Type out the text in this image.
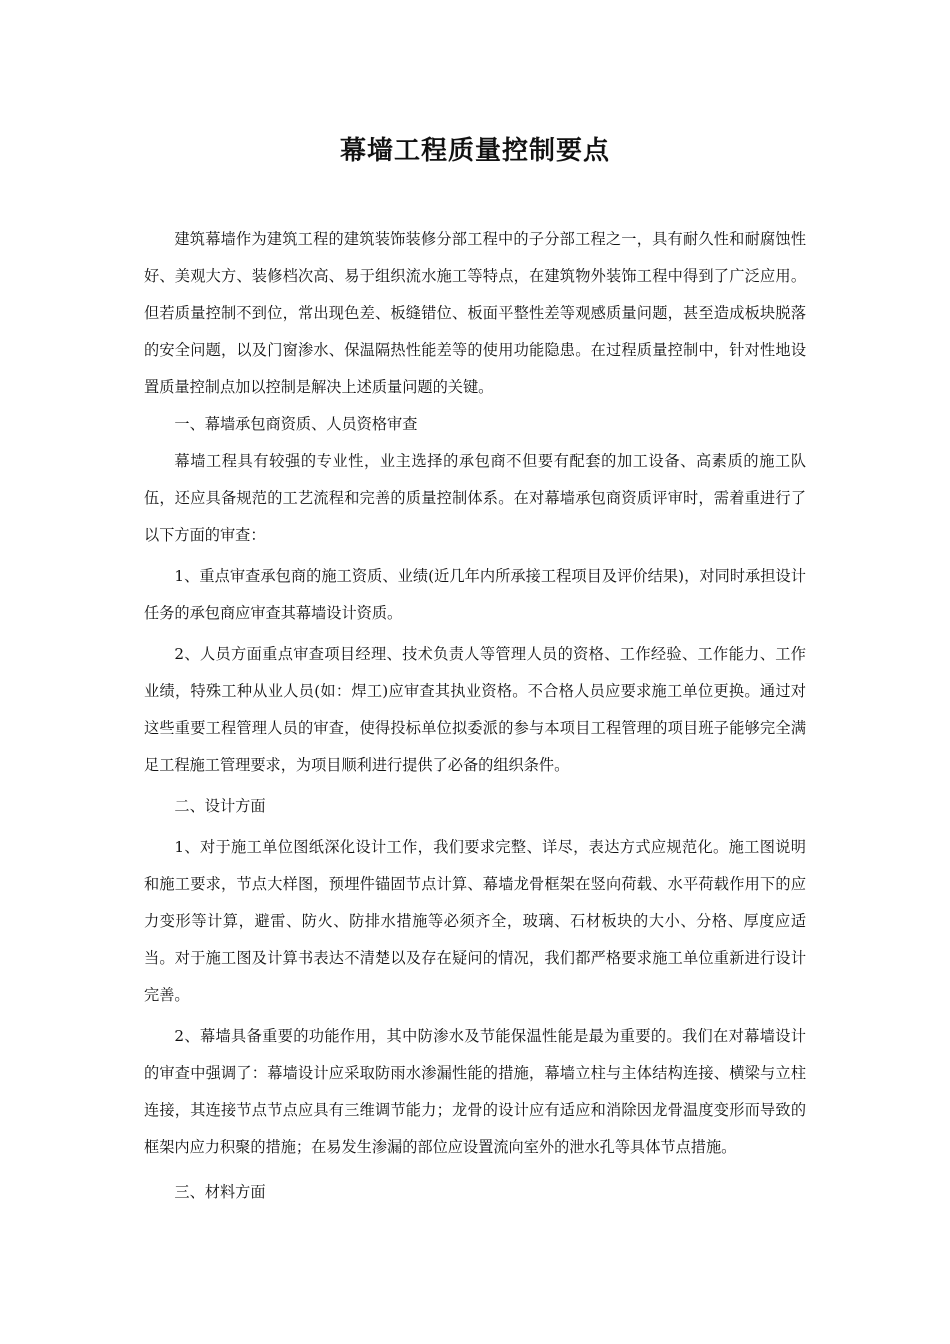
幕墙工程质量控制要点

建筑幕墙作为建筑工程的建筑装饰装修分部工程中的子分部工程之一，具有耐久性和耐腐蚀性好、美观大方、装修档次高、易于组织流水施工等特点，在建筑物外装饰工程中得到了广泛应用。但若质量控制不到位，常出现色差、板缝错位、板面平整性差等观感质量问题，甚至造成板块脱落的安全问题，以及门窗渗水、保温隔热性能差等的使用功能隐患。在过程质量控制中，针对性地设置质量控制点加以控制是解决上述质量问题的关键。

一、幕墙承包商资质、人员资格审查

幕墙工程具有较强的专业性，业主选择的承包商不但要有配套的加工设备、高素质的施工队伍，还应具备规范的工艺流程和完善的质量控制体系。在对幕墙承包商资质评审时，需着重进行了以下方面的审查：

1、重点审查承包商的施工资质、业绩(近几年内所承接工程项目及评价结果)，对同时承担设计任务的承包商应审查其幕墙设计资质。

2、人员方面重点审查项目经理、技术负责人等管理人员的资格、工作经验、工作能力、工作业绩，特殊工种从业人员(如：焊工)应审查其执业资格。不合格人员应要求施工单位更换。通过对这些重要工程管理人员的审查，使得投标单位拟委派的参与本项目工程管理的项目班子能够完全满足工程施工管理要求，为项目顺利进行提供了必备的组织条件。

二、设计方面

1、对于施工单位图纸深化设计工作，我们要求完整、详尽，表达方式应规范化。施工图说明和施工要求，节点大样图，预埋件锚固节点计算、幕墙龙骨框架在竖向荷载、水平荷载作用下的应力变形等计算，避雷、防火、防排水措施等必须齐全，玻璃、石材板块的大小、分格、厚度应适当。对于施工图及计算书表达不清楚以及存在疑问的情况，我们都严格要求施工单位重新进行设计完善。

2、幕墙具备重要的功能作用，其中防渗水及节能保温性能是最为重要的。我们在对幕墙设计的审查中强调了：幕墙设计应采取防雨水渗漏性能的措施，幕墙立柱与主体结构连接、横梁与立柱连接，其连接节点节点应具有三维调节能力；龙骨的设计应有适应和消除因龙骨温度变形而导致的框架内应力积聚的措施；在易发生渗漏的部位应设置流向室外的泄水孔等具体节点措施。

三、材料方面
